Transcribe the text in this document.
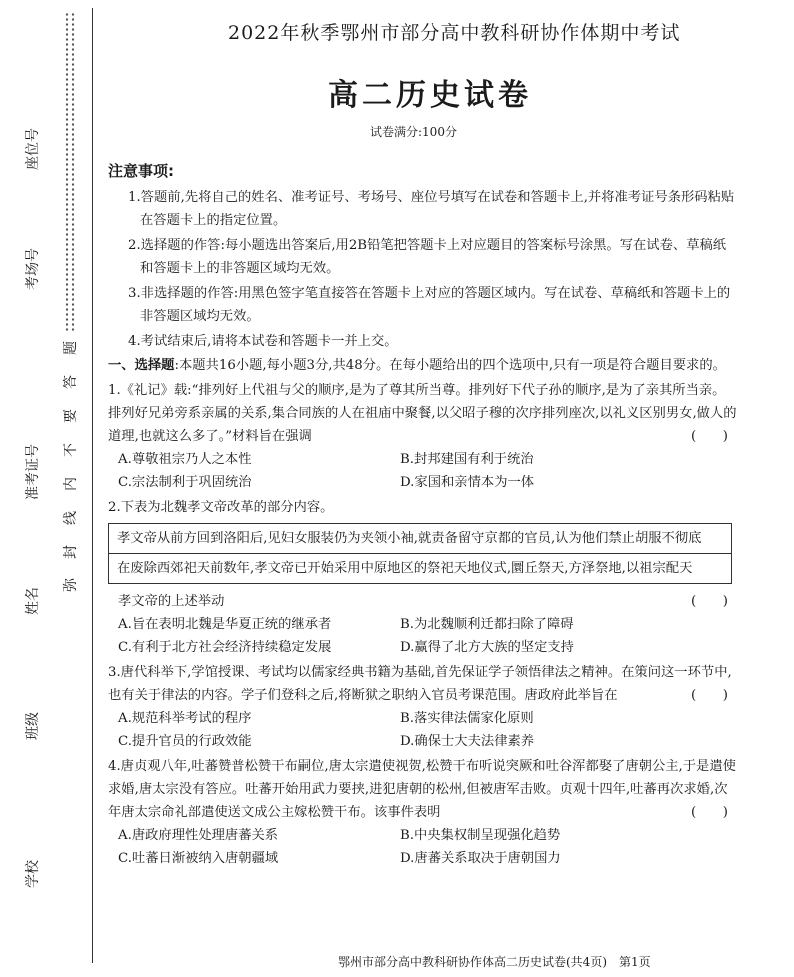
座位号
考场号
准考证号
姓名
班级
学校
弥
封
线
内
不
要
答
题
2022年秋季鄂州市部分高中教科研协作体期中考试
高二历史试卷
试卷满分:100分
注意事项:

1.答题前,先将自己的姓名、准考证号、考场号、座位号填写在试卷和答题卡上,并将准考证号条形码粘贴在答题卡上的指定位置。

2.选择题的作答:每小题选出答案后,用2B铅笔把答题卡上对应题目的答案标号涂黑。写在试卷、草稿纸和答题卡上的非答题区域均无效。

3.非选择题的作答:用黑色签字笔直接答在答题卡上对应的答题区域内。写在试卷、草稿纸和答题卡上的非答题区域均无效。

4.考试结束后,请将本试卷和答题卡一并上交。

一、选择题:本题共16小题,每小题3分,共48分。在每小题给出的四个选项中,只有一项是符合题目要求的。

1.《礼记》载:“排列好上代祖与父的顺序,是为了尊其所当尊。排列好下代子孙的顺序,是为了亲其所当亲。排列好兄弟旁系亲属的关系,集合同族的人在祖庙中聚餐,以父昭子穆的次序排列座次,以礼义区别男女,做人的道理,也就这么多了。”材料旨在强调	(　　)

A.尊敬祖宗乃人之本性	B.封邦建国有利于统治
C.宗法制利于巩固统治	D.家国和亲情本为一体

2.下表为北魏孝文帝改革的部分内容。

孝文帝从前方回到洛阳后,见妇女服装仍为夹领小袖,就责备留守京都的官员,认为他们禁止胡服不彻底
在废除西郊祀天前数年,孝文帝已开始采用中原地区的祭祀天地仪式,圜丘祭天,方泽祭地,以祖宗配天

孝文帝的上述举动	(　　)

A.旨在表明北魏是华夏正统的继承者	B.为北魏顺利迁都扫除了障碍
C.有利于北方社会经济持续稳定发展	D.赢得了北方大族的坚定支持

3.唐代科举下,学馆授课、考试均以儒家经典书籍为基础,首先保证学子领悟律法之精神。在策问这一环节中,也有关于律法的内容。学子们登科之后,将断狱之职纳入官员考课范围。唐政府此举旨在	(　　)

A.规范科举考试的程序	B.落实律法儒家化原则
C.提升官员的行政效能	D.确保士大夫法律素养

4.唐贞观八年,吐蕃赞普松赞干布嗣位,唐太宗遣使视贺,松赞干布听说突厥和吐谷浑都娶了唐朝公主,于是遣使求婚,唐太宗没有答应。吐蕃开始用武力要挟,进犯唐朝的松州,但被唐军击败。贞观十四年,吐蕃再次求婚,次年唐太宗命礼部遣使送文成公主嫁松赞干布。该事件表明	(　　)

A.唐政府理性处理唐蕃关系	B.中央集权制呈现强化趋势
C.吐蕃日渐被纳入唐朝疆域	D.唐蕃关系取决于唐朝国力
鄂州市部分高中教科研协作体高二历史试卷(共4页)　第1页
